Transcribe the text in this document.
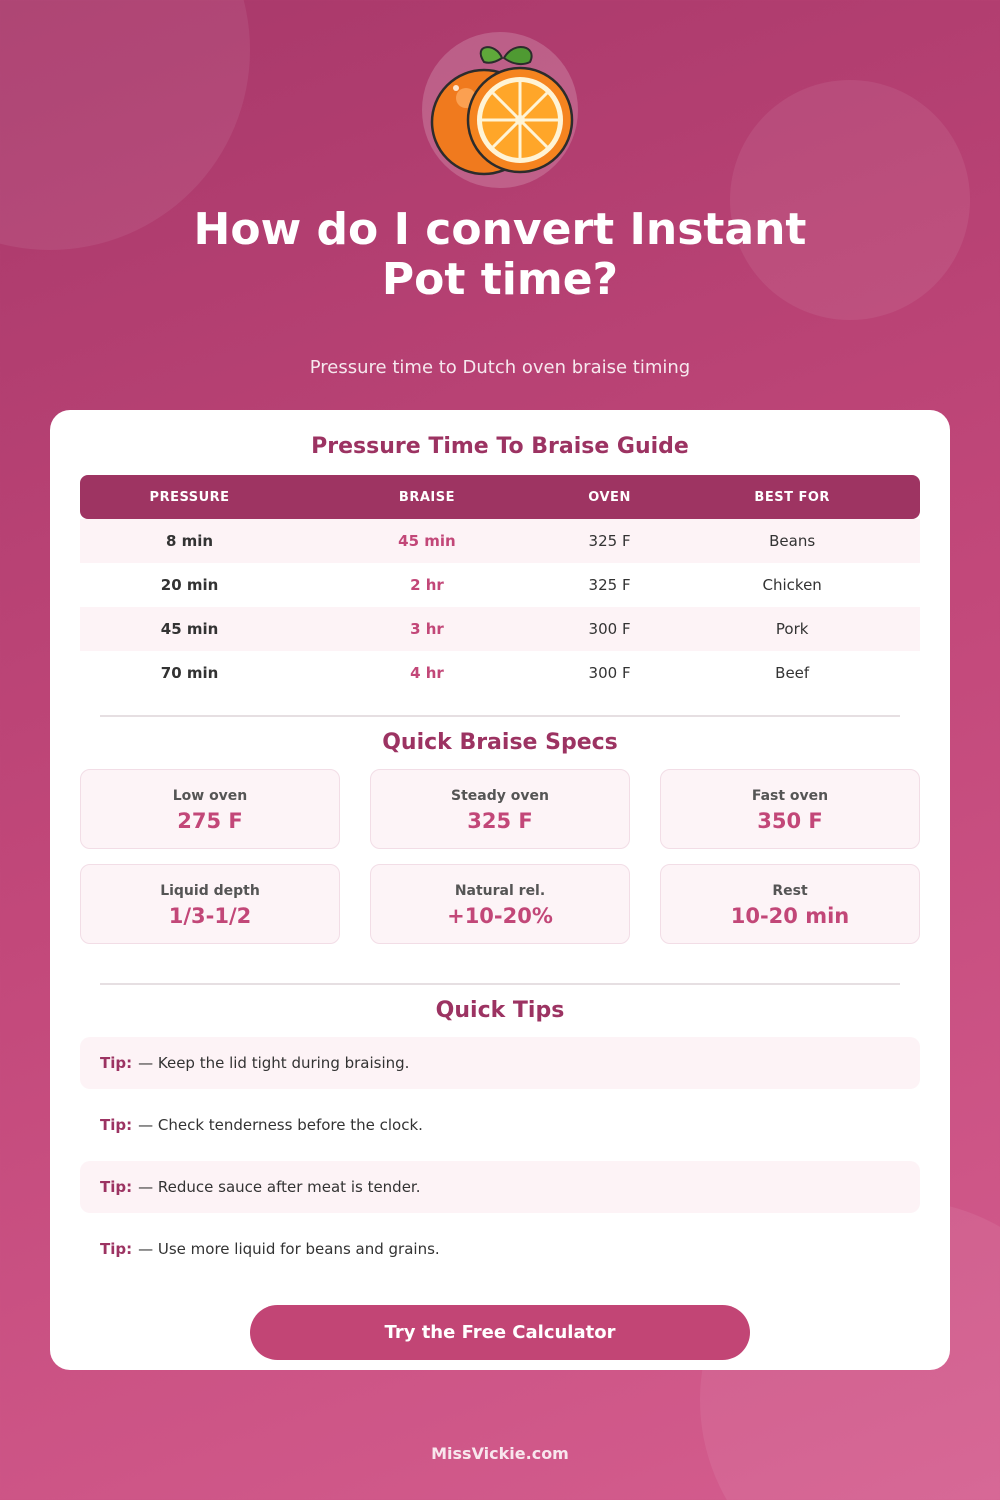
How do I convert Instant Pot time?
Pressure time to Dutch oven braise timing
Pressure Time To Braise Guide
PRESSURE	BRAISE	OVEN	BEST FOR
8 min	45 min	325 F	Beans
20 min	2 hr	325 F	Chicken
45 min	3 hr	300 F	Pork
70 min	4 hr	300 F	Beef
Quick Braise Specs
Low oven
275 F
Steady oven
325 F
Fast oven
350 F
Liquid depth
1/3-1/2
Natural rel.
+10-20%
Rest
10-20 min
Quick Tips
Tip: — Keep the lid tight during braising.
Tip: — Check tenderness before the clock.
Tip: — Reduce sauce after meat is tender.
Tip: — Use more liquid for beans and grains.
Try the Free Calculator
MissVickie.com
